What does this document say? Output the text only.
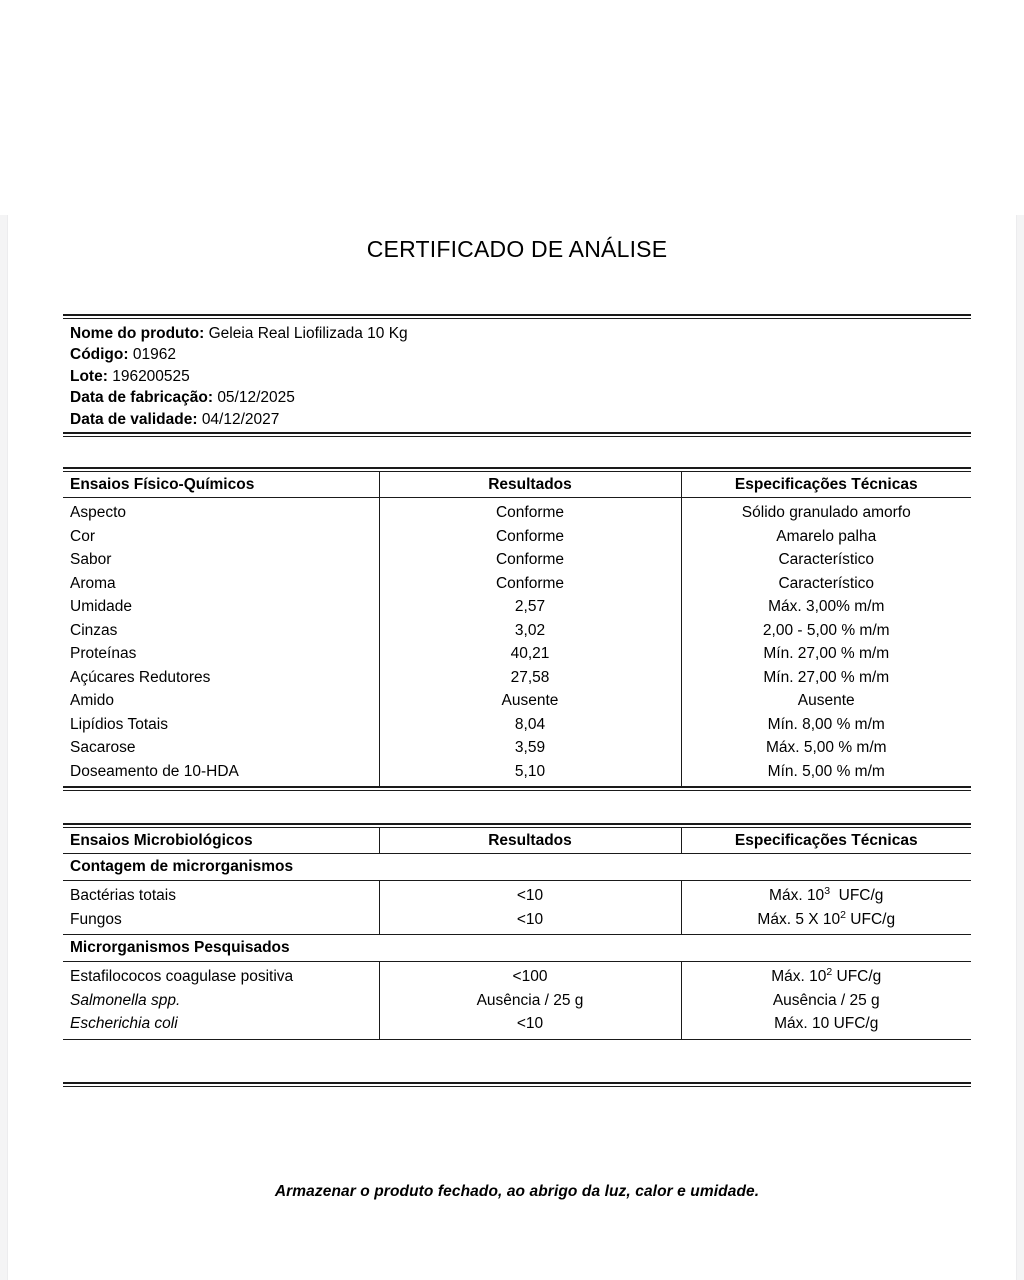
CERTIFICADO DE ANÁLISE
Nome do produto: Geleia Real Liofilizada 10 Kg
Código: 01962
Lote: 196200525
Data de fabricação: 05/12/2025
Data de validade: 04/12/2027
Ensaios Físico-Químicos	Resultados	Especificações Técnicas
Aspecto	Conforme	Sólido granulado amorfo
Cor	Conforme	Amarelo palha
Sabor	Conforme	Característico
Aroma	Conforme	Característico
Umidade	2,57	Máx. 3,00% m/m
Cinzas	3,02	2,00 - 5,00 % m/m
Proteínas	40,21	Mín. 27,00 % m/m
Açúcares Redutores	27,58	Mín. 27,00 % m/m
Amido	Ausente	Ausente
Lipídios Totais	8,04	Mín. 8,00 % m/m
Sacarose	3,59	Máx. 5,00 % m/m
Doseamento de 10-HDA	5,10	Mín. 5,00 % m/m
Ensaios Microbiológicos	Resultados	Especificações Técnicas
Contagem de microrganismos		
Bactérias totais	<10	Máx. $10^3$  UFC/g
Fungos	<10	Máx. 5 X $10^2$ UFC/g
Microrganismos Pesquisados		
Estafilococos coagulase positiva	<100	Máx. $10^2$ UFC/g
Salmonella spp.	Ausência / 25 g	Ausência / 25 g
Escherichia coli	<10	Máx. 10 UFC/g
Armazenar o produto fechado, ao abrigo da luz, calor e umidade.
